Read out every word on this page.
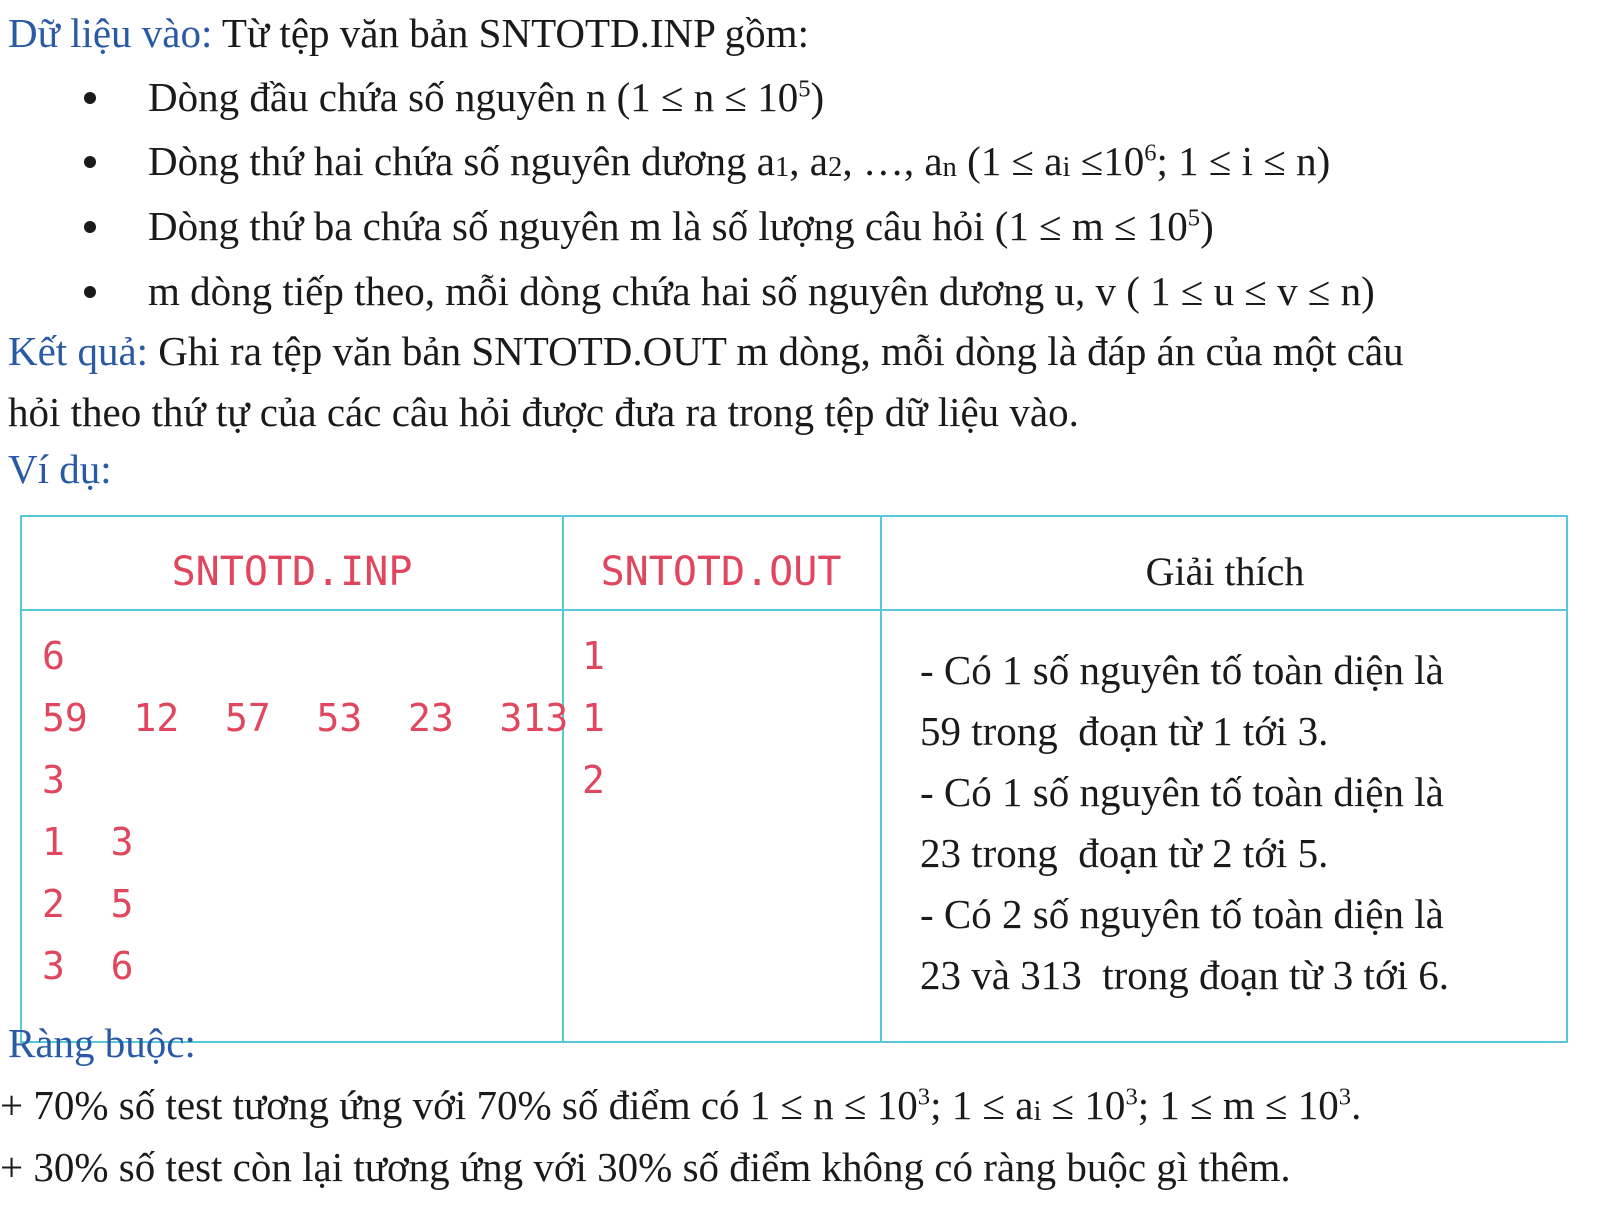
Dữ liệu vào: Từ tệp văn bản SNTOTD.INP gồm:
Dòng đầu chứa số nguyên n $(1 \le n \le 10^5)$
Dòng thứ hai chứa số nguyên dương $a_1$, $a_2$, …, $a_n$ ($1 \le a_i \le 10^6$; 1 ≤ i ≤ n)
Dòng thứ ba chứa số nguyên m là số lượng câu hỏi $(1 \le m \le 10^5)$
m dòng tiếp theo, mỗi dòng chứa hai số nguyên dương u, v ( 1 ≤ u ≤ v ≤ n)
Kết quả: Ghi ra tệp văn bản SNTOTD.OUT m dòng, mỗi dòng là đáp án của một câu
hỏi theo thứ tự của các câu hỏi được đưa ra trong tệp dữ liệu vào.
Ví dụ:
SNTOTD.INP	SNTOTD.OUT	Giải thích
6
59  12  57  53  23  313
3
1  3
2  5
3  6
1
1
2
- Có 1 số nguyên tố toàn diện là
59 trong  đoạn từ 1 tới 3.
- Có 1 số nguyên tố toàn diện là
23 trong  đoạn từ 2 tới 5.
- Có 2 số nguyên tố toàn diện là
23 và 313  trong đoạn từ 3 tới 6.
Ràng buộc:
+ 70% số test tương ứng với 70% số điểm có $1 \le n \le 10^3$; $1 \le a_i \le 10^3$; $1 \le m \le 10^3$.
+ 30% số test còn lại tương ứng với 30% số điểm không có ràng buộc gì thêm.
